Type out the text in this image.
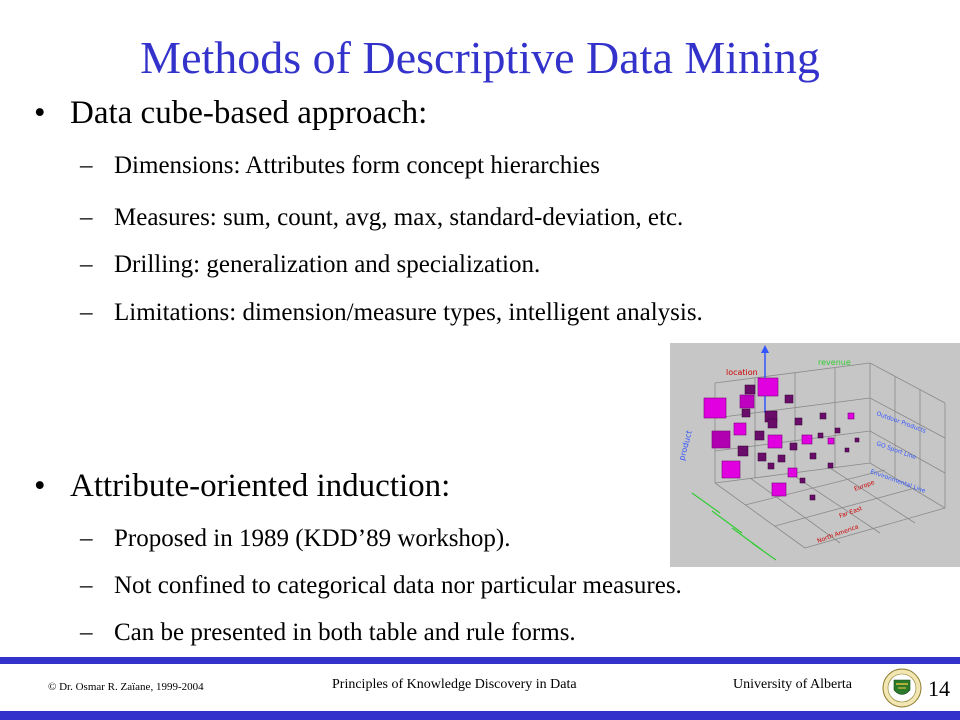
Methods of Descriptive Data Mining
• Data cube-based approach:
– Dimensions: Attributes form concept hierarchies
– Measures: sum, count, avg, max, standard-deviation, etc.
– Drilling: generalization and specialization.
– Limitations: dimension/measure types, intelligent analysis.
• Attribute-oriented induction:
– Proposed in 1989 (KDD’89 workshop).
– Not confined to categorical data nor particular measures.
– Can be presented in both table and rule forms.
location
revenue
product
Outdoor Products
GO Sport Line
Environmental Line
Europe
Far East
North America
© Dr. Osmar R. Zaïane, 1999-2004	Principles of Knowledge Discovery in Data	University of Alberta	14
